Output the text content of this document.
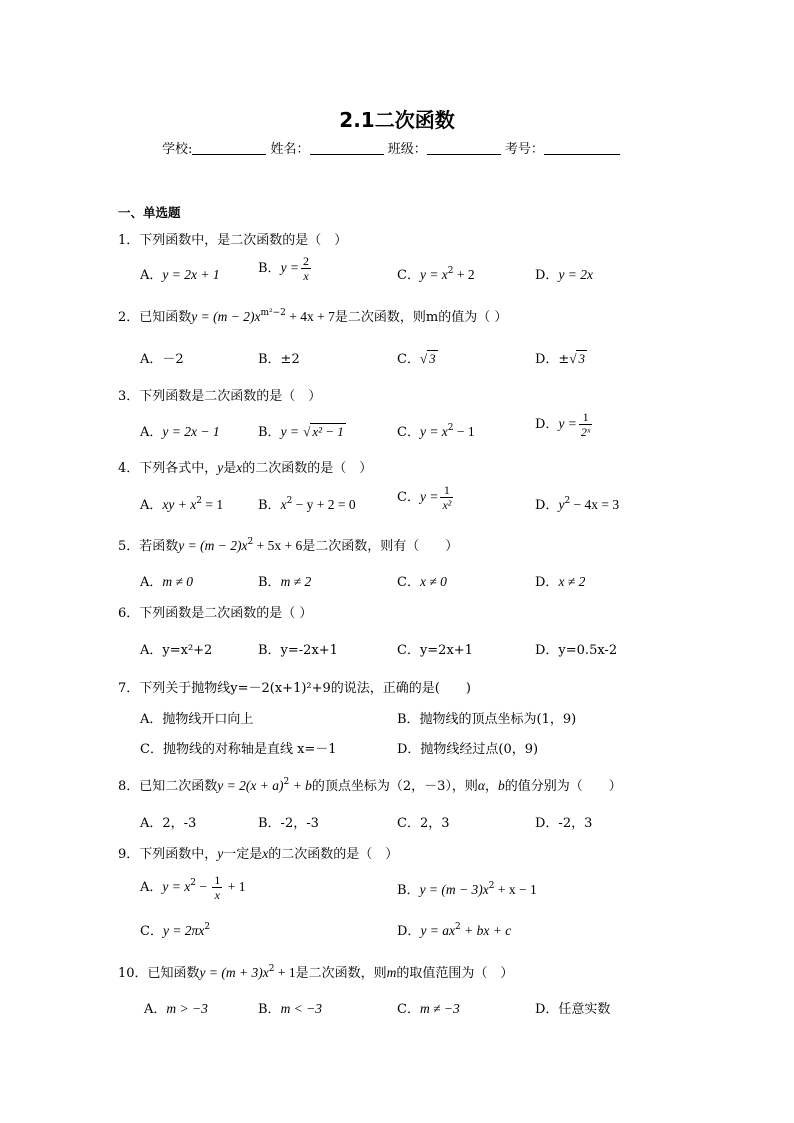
2.1二次函数
学校:	姓名：	班级：	考号：
一、单选题
1．下列函数中，是二次函数的是（　）
A．y = 2x + 1	B．$y = \frac{2}{x}$	C．$y = x^2 + 2$	D．y = 2x
2．已知函数$y = (m - 2)x^{m^2-2} + 4x + 7$是二次函数，则m的值为（ ）
A．－2	B．±2	C．√ 3	D．±√ 3
3．下列函数是二次函数的是（　）
A．y = 2x − 1	B．y = √ x² − 1	C．$y = x^2 - 1$	D．$y = \frac{1}{\text{2ˣ}}$
4．下列各式中，y是x的二次函数的是（　）
A．xy + $x^2 = 1$	B．$x^2 - y + 2 = 0$	C．$y = \frac{1}{\text{x²}}$	D．$y^2 - 4x = 3$
5．若函数$y = (m - 2)x^2 + 5x + 6$是二次函数，则有（　　）
A．m ≠ 0	B．m ≠ 2	C．x ≠ 0	D．x ≠ 2
6．下列函数是二次函数的是（ ）
A．y=x²+2	B．y=-2x+1	C．y=2x+1	D．y=0.5x-2
7．下列关于抛物线y=－2(x+1)²+9的说法，正确的是(　　)
A．抛物线开口向上	B．抛物线的顶点坐标为(1，9)
C．抛物线的对称轴是直线 x=－1	D．抛物线经过点(0，9)
8．已知二次函数$y = 2(x + a)^2 + b$的顶点坐标为（2，－3），则α，b的值分别为（　　）
A．2，-3	B．-2，-3	C．2，3	D．-2，3
9．下列函数中，y一定是x的二次函数的是（　）
A．$y = x^2 - \frac{1}{x} + 1$	B．$y = (m - 3)x^2 + x - 1$
C．$y = 2\pi x^2$	D．$y = ax^2$ + bx + c
10．已知函数$y = (m + 3)x^2 + 1$是二次函数，则m的取值范围为（　）
A．m > −3	B．m < −3	C．m ≠ −3	D．任意实数
